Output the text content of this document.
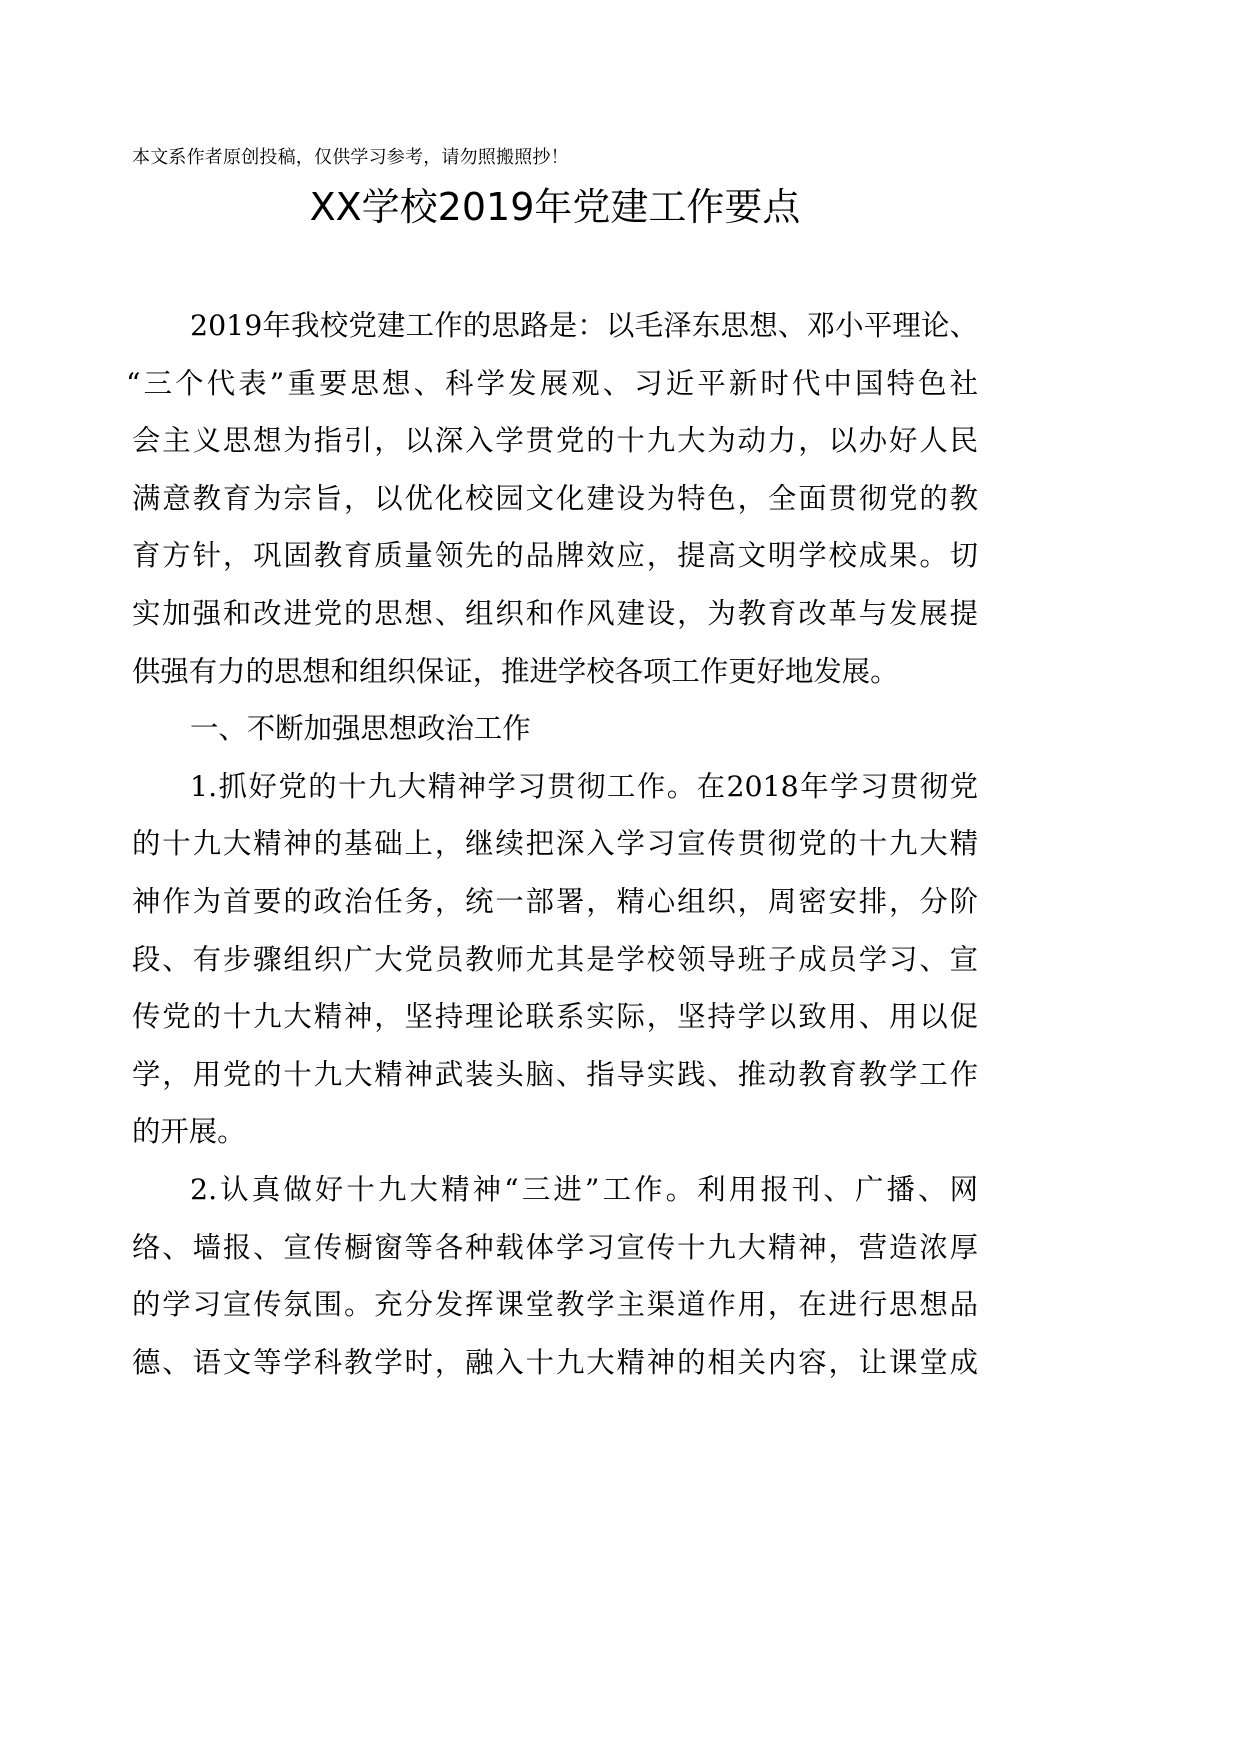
本文系作者原创投稿，仅供学习参考，请勿照搬照抄！
XX学校2019年党建工作要点
2019年我校党建工作的思路是：以毛泽东思想、邓小平理论、
“三个代表”重要思想、科学发展观、习近平新时代中国特色社
会主义思想为指引，以深入学贯党的十九大为动力，以办好人民
满意教育为宗旨，以优化校园文化建设为特色，全面贯彻党的教
育方针，巩固教育质量领先的品牌效应，提高文明学校成果。切
实加强和改进党的思想、组织和作风建设，为教育改革与发展提
供强有力的思想和组织保证，推进学校各项工作更好地发展。
一、不断加强思想政治工作
1.抓好党的十九大精神学习贯彻工作。在2018年学习贯彻党
的十九大精神的基础上，继续把深入学习宣传贯彻党的十九大精
神作为首要的政治任务，统一部署，精心组织，周密安排，分阶
段、有步骤组织广大党员教师尤其是学校领导班子成员学习、宣
传党的十九大精神，坚持理论联系实际，坚持学以致用、用以促
学，用党的十九大精神武装头脑、指导实践、推动教育教学工作
的开展。
2.认真做好十九大精神“三进”工作。利用报刊、广播、网
络、墙报、宣传橱窗等各种载体学习宣传十九大精神，营造浓厚
的学习宣传氛围。充分发挥课堂教学主渠道作用，在进行思想品
德、语文等学科教学时，融入十九大精神的相关内容，让课堂成
